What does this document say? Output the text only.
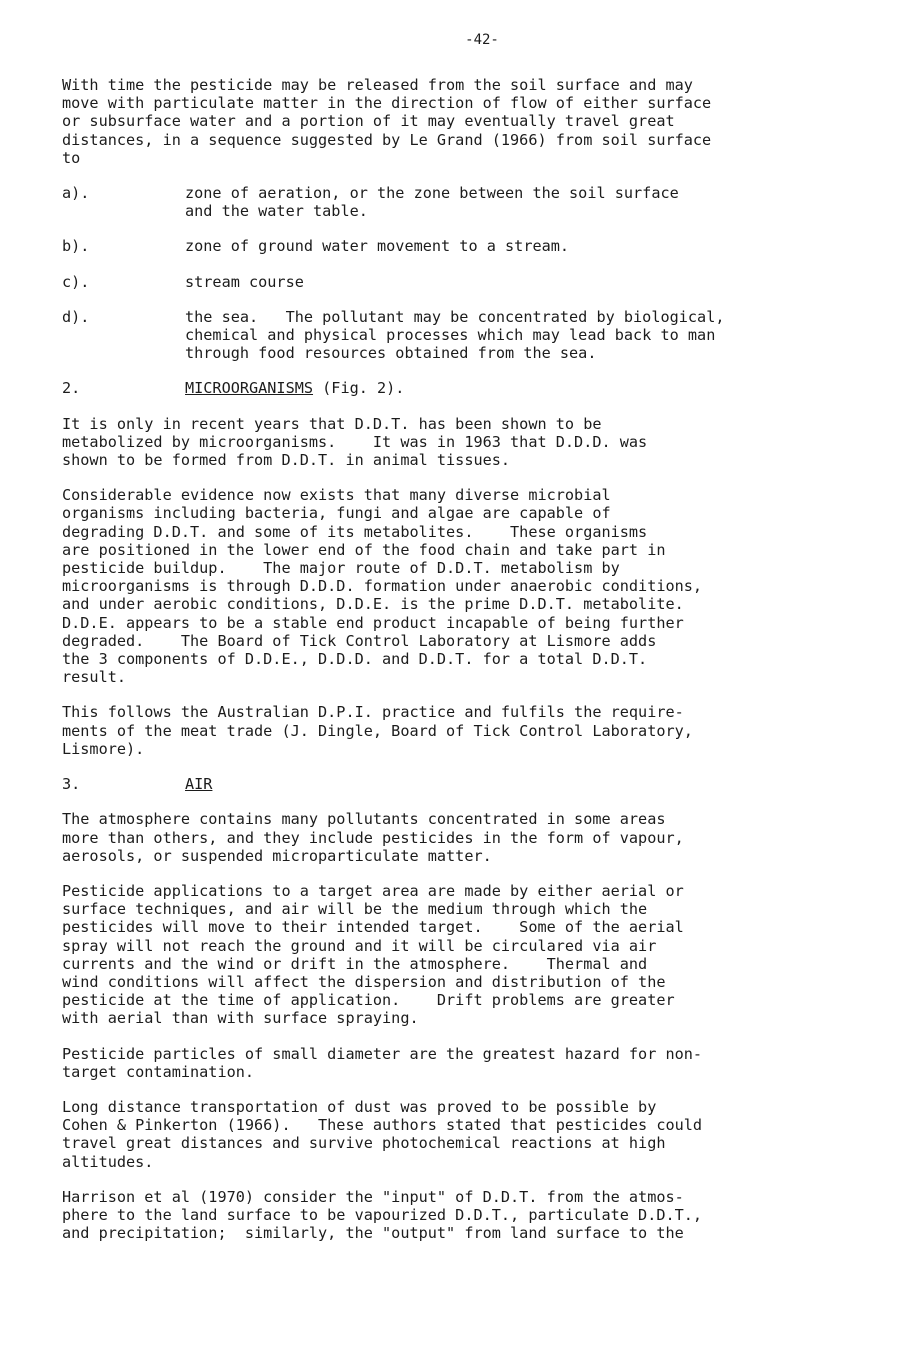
-42-

With time the pesticide may be released from the soil surface and may
move with particulate matter in the direction of flow of either surface
or subsurface water and a portion of it may eventually travel great
distances, in a sequence suggested by Le Grand (1966) from soil surface
to

a).	zone of aeration, or the zone between the soil surface
and the water table.
b).	zone of ground water movement to a stream.
c).	stream course
d).	the sea.   The pollutant may be concentrated by biological,
chemical and physical processes which may lead back to man
through food resources obtained from the sea.
2.	MICROORGANISMS (Fig. 2).

It is only in recent years that D.D.T. has been shown to be
metabolized by microorganisms.    It was in 1963 that D.D.D. was
shown to be formed from D.D.T. in animal tissues.

Considerable evidence now exists that many diverse microbial
organisms including bacteria, fungi and algae are capable of
degrading D.D.T. and some of its metabolites.    These organisms
are positioned in the lower end of the food chain and take part in
pesticide buildup.    The major route of D.D.T. metabolism by
microorganisms is through D.D.D. formation under anaerobic conditions,
and under aerobic conditions, D.D.E. is the prime D.D.T. metabolite.
D.D.E. appears to be a stable end product incapable of being further
degraded.    The Board of Tick Control Laboratory at Lismore adds
the 3 components of D.D.E., D.D.D. and D.D.T. for a total D.D.T.
result.

This follows the Australian D.P.I. practice and fulfils the require-
ments of the meat trade (J. Dingle, Board of Tick Control Laboratory,
Lismore).

3.	AIR

The atmosphere contains many pollutants concentrated in some areas
more than others, and they include pesticides in the form of vapour,
aerosols, or suspended microparticulate matter.

Pesticide applications to a target area are made by either aerial or
surface techniques, and air will be the medium through which the
pesticides will move to their intended target.    Some of the aerial
spray will not reach the ground and it will be circulared via air
currents and the wind or drift in the atmosphere.    Thermal and
wind conditions will affect the dispersion and distribution of the
pesticide at the time of application.    Drift problems are greater
with aerial than with surface spraying.

Pesticide particles of small diameter are the greatest hazard for non-
target contamination.

Long distance transportation of dust was proved to be possible by
Cohen & Pinkerton (1966).   These authors stated that pesticides could
travel great distances and survive photochemical reactions at high
altitudes.

Harrison et al (1970) consider the "input" of D.D.T. from the atmos-
phere to the land surface to be vapourized D.D.T., particulate D.D.T.,
and precipitation;  similarly, the "output" from land surface to the
